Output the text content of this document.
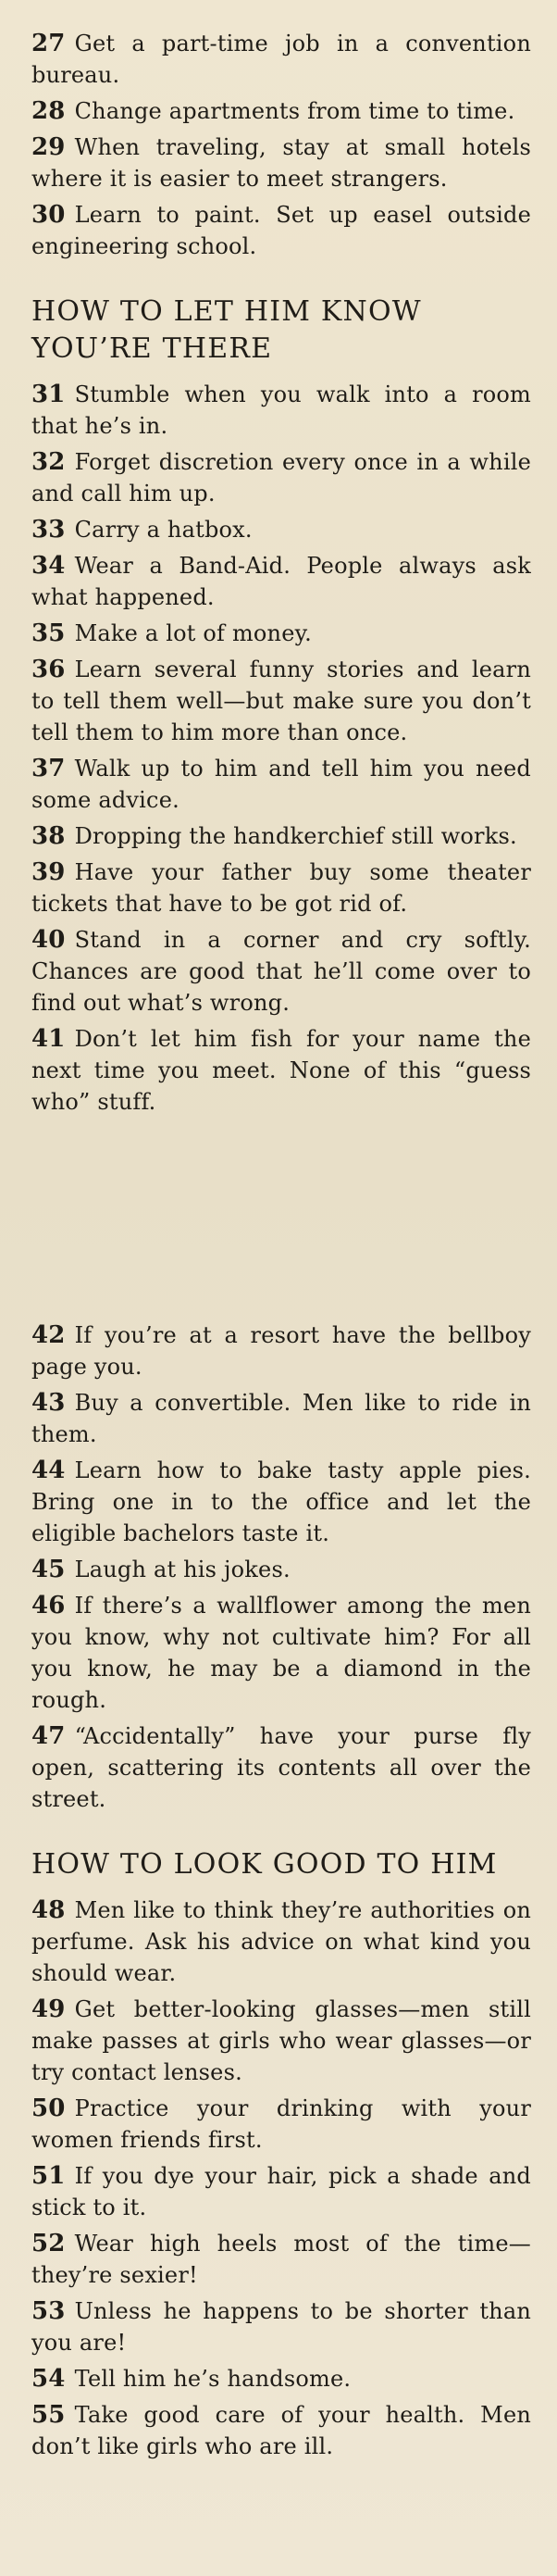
27 Get a part-time job in a convention bureau.

28 Change apartments from time to time.

29 When traveling, stay at small hotels where it is easier to meet strangers.

30 Learn to paint. Set up easel outside engineering school.

HOW TO LET HIM KNOW YOU’RE THERE

31 Stumble when you walk into a room that he’s in.

32 Forget discretion every once in a while and call him up.

33 Carry a hatbox.

34 Wear a Band-Aid. People always ask what happened.

35 Make a lot of money.

36 Learn several funny stories and learn to tell them well—but make sure you don’t tell them to him more than once.

37 Walk up to him and tell him you need some advice.

38 Dropping the handkerchief still works.

39 Have your father buy some theater tickets that have to be got rid of.

40 Stand in a corner and cry softly. Chances are good that he’ll come over to find out what’s wrong.

41 Don’t let him fish for your name the next time you meet. None of this “guess who” stuff.

42 If you’re at a resort have the bellboy page you.

43 Buy a convertible. Men like to ride in them.

44 Learn how to bake tasty apple pies. Bring one in to the office and let the eligible bachelors taste it.

45 Laugh at his jokes.

46 If there’s a wallflower among the men you know, why not cultivate him? For all you know, he may be a diamond in the rough.

47 “Accidentally” have your purse fly open, scattering its contents all over the street.

HOW TO LOOK GOOD TO HIM

48 Men like to think they’re authorities on perfume. Ask his advice on what kind you should wear.

49 Get better-looking glasses—men still make passes at girls who wear glasses—or try contact lenses.

50 Practice your drinking with your women friends first.

51 If you dye your hair, pick a shade and stick to it.

52 Wear high heels most of the time—they’re sexier!

53 Unless he happens to be shorter than you are!

54 Tell him he’s handsome.

55 Take good care of your health. Men don’t like girls who are ill.
